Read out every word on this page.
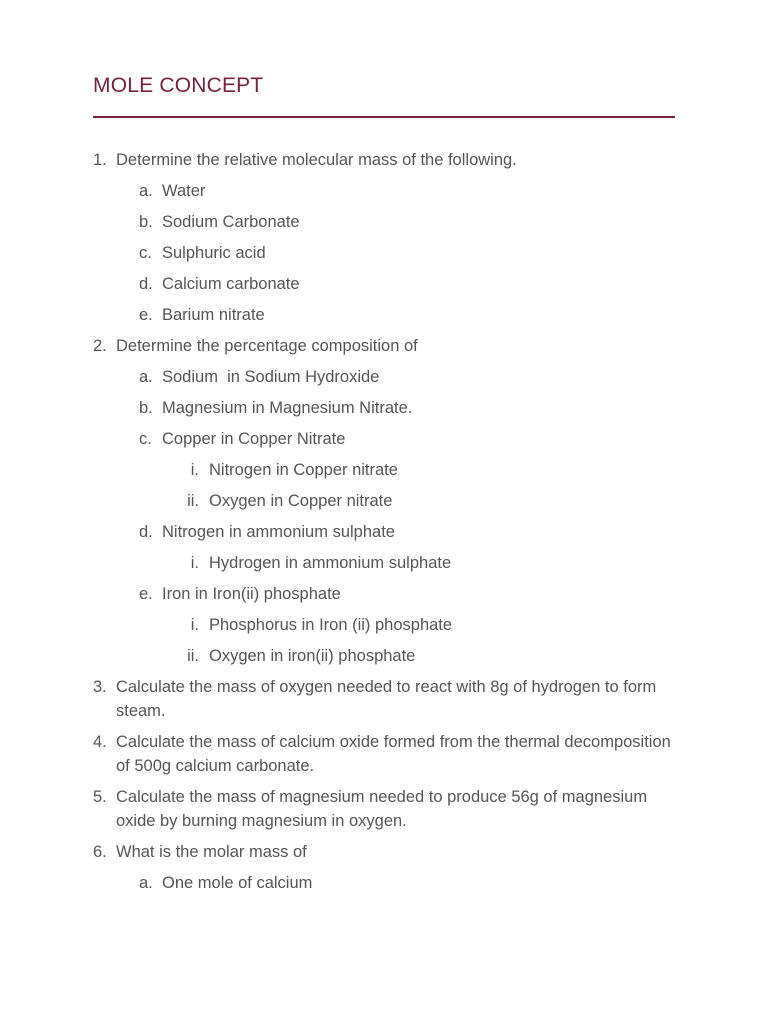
MOLE CONCEPT
1. Determine the relative molecular mass of the following.
a. Water
b. Sodium Carbonate
c. Sulphuric acid
d. Calcium carbonate
e. Barium nitrate
2. Determine the percentage composition of
a. Sodium  in Sodium Hydroxide
b. Magnesium in Magnesium Nitrate.
c. Copper in Copper Nitrate
i. Nitrogen in Copper nitrate
ii. Oxygen in Copper nitrate
d. Nitrogen in ammonium sulphate
i. Hydrogen in ammonium sulphate
e. Iron in Iron(ii) phosphate
i. Phosphorus in Iron (ii) phosphate
ii. Oxygen in iron(ii) phosphate
3. Calculate the mass of oxygen needed to react with 8g of hydrogen to form steam.
4. Calculate the mass of calcium oxide formed from the thermal decomposition of 500g calcium carbonate.
5. Calculate the mass of magnesium needed to produce 56g of magnesium oxide by burning magnesium in oxygen.
6. What is the molar mass of
a. One mole of calcium
